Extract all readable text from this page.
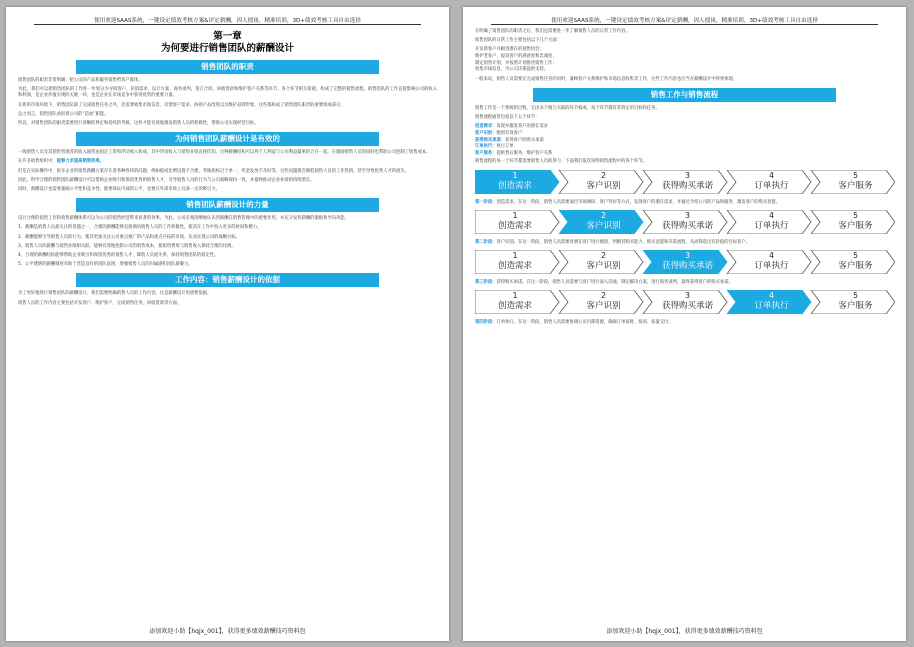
使用欢迎SAAS系统，一键设定绩效考核方案&评定薪酬，因人授岗，精准培训，3D+绩效考核工具自由选择
第一章
为何要进行销售团队的薪酬设计
销售团队的职责

销售团队的职责非常明确：把公司的产品和服务销售给客户群体。

为此，我们可以把销售团队的工作进一步划分为寻找客户、识别需求、设计方案、商务谈判、签订合同、回收货款和维护客户关系等环节。各个环节相互衔接，构成了完整的销售流程。销售团队的工作直接影响公司的收入和利润，是企业价值实现的关键一环，也是企业在市场竞争中获得优势的重要力量。

在新的市场环境下，销售团队除了完成销售任务之外，还需要收集市场信息、反馈客户需求、协助产品改进以及维护品牌形象，这些都构成了销售团队职责的重要组成部分。

总之而言，销售团队承担着公司的“造血”职能。

所以，对销售团队的职责需要进行清晰的界定和持续的考核，这样才能有效地激发销售人员的积极性，帮助公司实现经营目标。

为何销售团队薪酬设计是有效的

一线销售人员及其销售管理者的收入通常由固定工资和浮动收入构成，其中浮动收入与销售业绩直接挂钩。这种薪酬结构可以将个人利益与公司利益紧密结合在一起，在激励销售人员的同时也帮助公司控制了销售成本。

在许多销售组织中，能够力求提高销售效率。

但是在实际操作中，很多企业的销售薪酬方案存在着各种各样的问题，例如提成比例设置不合理、考核指标过于单一、奖金发放不及时等，这些问题都会降低销售人员的工作热情，甚至导致优秀人才的流失。

因此，科学合理的销售团队薪酬设计可以帮助企业吸引和保留优秀的销售人才，引导销售人员的行为与公司战略保持一致，并最终推动企业业绩的持续增长。

同时，薪酬设计也需要兼顾公平性和竞争性，既要保证内部的公平，也要在外部市场上具备一定的吸引力。

销售团队薪酬设计的力量

设计合理的销售工作和销售薪酬体系可以为公司的销售经营带来显著的效果。为此，公司必须清晰地认识到薪酬在销售管理中的重要作用，并充分发挥薪酬的激励和导向功能。

1、薪酬是销售人员最关注的话题之一，合理的薪酬能够直接调动销售人员的工作积极性，使其在工作中投入更多的时间和精力。

2、薪酬能够引导销售人员的行为，使其更加关注公司重点推广的产品和重点开拓的市场，从而实现公司的战略目标。

3、销售人员的薪酬与销售业绩相关联，能够有效地控制公司的销售成本，使销售费用与销售收入保持合理的比例。

4、合理的薪酬结构能够帮助企业吸引和保留优秀的销售人才，降低人员流失率，保持销售团队的稳定性。

5、公平透明的薪酬制度有助于营造良好的团队氛围，增强销售人员的归属感和团队凝聚力。

工作内容：销售薪酬设计的依据

为了更好地进行销售团队的薪酬设计，我们需要明确销售人员的工作内容，这是薪酬设计的重要依据。

销售人员的工作内容主要包括开发客户、维护客户、完成销售任务、回收货款等方面。

添加欢迎小助【hqjx_001】，获得更多绩效薪酬技巧资料包
使用欢迎SAAS系统，一键设定绩效考核方案&评定薪酬，因人授岗，精准培训，3D+绩效考核工具自由选择

在明确了销售团队的职责之后，我们还需要进一步了解销售人员的日常工作内容。

销售团队的日常工作主要包括以下几个方面：

开发新客户并跟进潜在的销售机会；
维护老客户，提高客户的满意度和忠诚度；
制定销售计划，并按照计划推进销售工作；
收集市场信息，为公司决策提供支持。

一般来说，销售人员需要在完成销售任务的同时，兼顾客户关系维护和市场信息收集等工作，这些工作内容也应当在薪酬设计中得到体现。

销售工作与销售流程

销售工作是一个系统的过程，它由多个相互关联的环节构成，每个环节都有其特定的目标和任务。

销售流程通常包括以下五个环节：

创造需求：发现并激发客户的潜在需求
客户识别：甄别有效客户
获得购买承诺：获得客户的购买承诺
订单执行：执行订单
客户服务：提供售后服务，维护客户关系

销售流程的每一个环节都需要销售人员的努力，下面我们依次说明销售流程中的各个环节。

1
创造需求
2
客户识别
3
获得购买承诺
4
订单执行
5
客户服务

第一阶段：创造需求。在这一阶段，销售人员需要通过市场调研、客户拜访等方式，发现客户的潜在需求，并通过介绍公司的产品和服务，激发客户的购买意愿。

1
创造需求
2
客户识别
3
获得购买承诺
4
订单执行
5
客户服务

第二阶段：客户识别。在这一阶段，销售人员需要对潜在客户进行甄别，判断其购买能力、购买意愿和决策流程，从而筛选出有价值的目标客户。

1
创造需求
2
客户识别
3
获得购买承诺
4
订单执行
5
客户服务

第三阶段：获得购买承诺。在这一阶段，销售人员需要与客户进行深入沟通，制定解决方案，进行商务谈判，最终获得客户的购买承诺。

1
创造需求
2
客户识别
3
获得购买承诺
4
订单执行
5
客户服务

第四阶段：订单执行。在这一阶段，销售人员需要协调公司内部资源，确保订单按时、按质、按量交付。

添加欢迎小助【hqjx_001】，获得更多绩效薪酬技巧资料包
